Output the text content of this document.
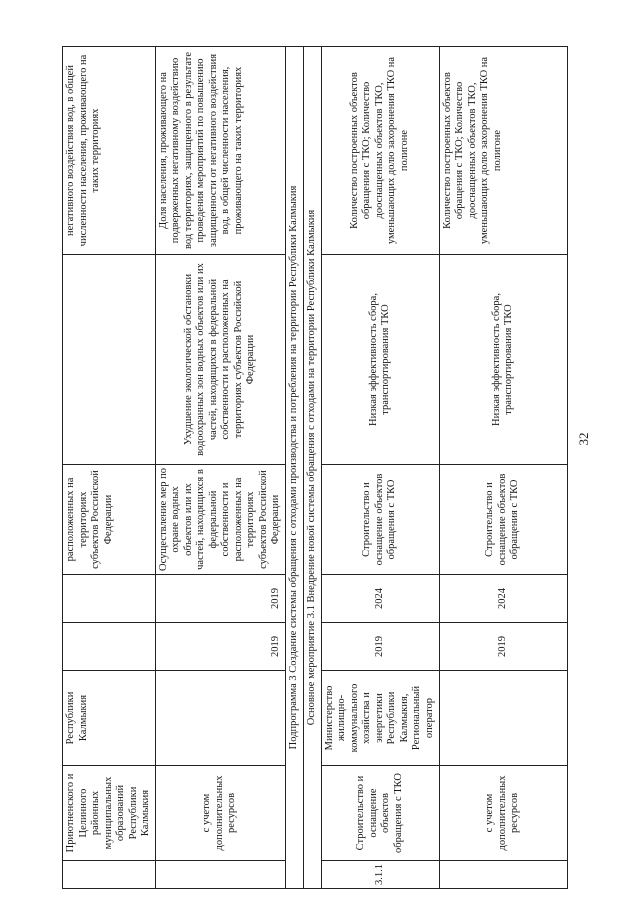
	Приютненского и Целинного районных муниципальных образований Республики Калмыкия	Республики Калмыкия			расположенных на территориях субъектов Российской Федерации		негативного воздействия вод, в общей численности населения, проживающего на таких территориях
	с учетом дополнительных ресурсов		2019	2019	Осуществление мер по охране водных объектов или их частей, находящихся в федеральной собственности и расположенных на территориях субъектов Российской Федерации	Ухудшение экологической обстановки водоохранных зон водных объектов или их частей, находящихся в федеральной собственности и расположенных на территориях субъектов Российской Федерации	Доля населения, проживающего на подверженных негативному воздействию вод территориях, защищенного в результате проведения мероприятий по повышению защищенности от негативного воздействия вод, в общей численности населения, проживающего на таких территориях
Подпрограмма 3 Создание системы обращения с отходами производства и потребления на территории Республики Калмыкия							
Основное мероприятие 3.1 Внедрение новой системы обращения с отходами на территории Республики Калмыкия							
3.1.1	Строительство и оснащение объектов обращения с ТКО	Министерство жилищно-коммунального хозяйства и энергетики Республики Калмыкия, Региональный оператор	2019	2024	Строительство и оснащение объектов обращения с ТКО	Низкая эффективность сбора, транспортирования ТКО	Количество построенных объектов обращения с ТКО; Количество дооснащенных объектов ТКО, уменьшающих долю захоронения ТКО на полигоне
	с учетом дополнительных ресурсов		2019	2024	Строительство и оснащение объектов обращения с ТКО	Низкая эффективность сбора, транспортирования ТКО	Количество построенных объектов обращения с ТКО; Количество дооснащенных объектов ТКО, уменьшающих долю захоронения ТКО на полигоне
32
